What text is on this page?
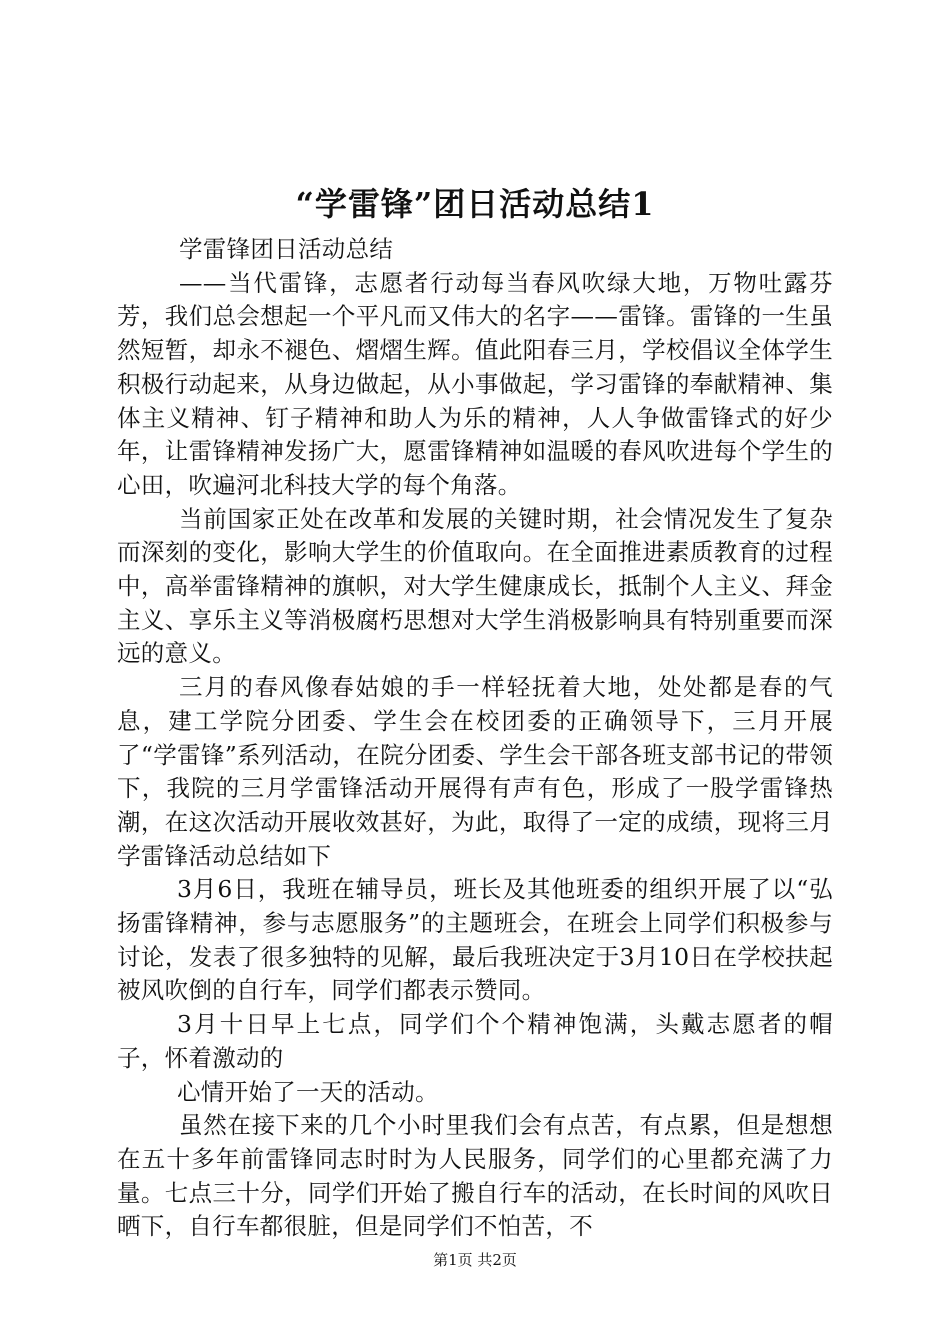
“学雷锋”团日活动总结1

学雷锋团日活动总结

——当代雷锋，志愿者行动每当春风吹绿大地，万物吐露芬芳，我们总会想起一个平凡而又伟大的名字——雷锋。雷锋的一生虽然短暂，却永不褪色、熠熠生辉。值此阳春三月，学校倡议全体学生积极行动起来，从身边做起，从小事做起，学习雷锋的奉献精神、集体主义精神、钉子精神和助人为乐的精神，人人争做雷锋式的好少年，让雷锋精神发扬广大，愿雷锋精神如温暖的春风吹进每个学生的心田，吹遍河北科技大学的每个角落。

当前国家正处在改革和发展的关键时期，社会情况发生了复杂而深刻的变化，影响大学生的价值取向。在全面推进素质教育的过程中，高举雷锋精神的旗帜，对大学生健康成长，抵制个人主义、拜金主义、享乐主义等消极腐朽思想对大学生消极影响具有特别重要而深远的意义。

三月的春风像春姑娘的手一样轻抚着大地，处处都是春的气息，建工学院分团委、学生会在校团委的正确领导下，三月开展了“学雷锋”系列活动，在院分团委、学生会干部各班支部书记的带领下，我院的三月学雷锋活动开展得有声有色，形成了一股学雷锋热潮，在这次活动开展收效甚好，为此，取得了一定的成绩，现将三月学雷锋活动总结如下

3月6日，我班在辅导员，班长及其他班委的组织开展了以“弘扬雷锋精神，参与志愿服务”的主题班会，在班会上同学们积极参与讨论，发表了很多独特的见解，最后我班决定于3月10日在学校扶起被风吹倒的自行车，同学们都表示赞同。

3月十日早上七点，同学们个个精神饱满，头戴志愿者的帽子，怀着激动的

心情开始了一天的活动。

虽然在接下来的几个小时里我们会有点苦，有点累，但是想想在五十多年前雷锋同志时时为人民服务，同学们的心里都充满了力量。七点三十分，同学们开始了搬自行车的活动，在长时间的风吹日晒下，自行车都很脏，但是同学们不怕苦，不

第1页 共2页
